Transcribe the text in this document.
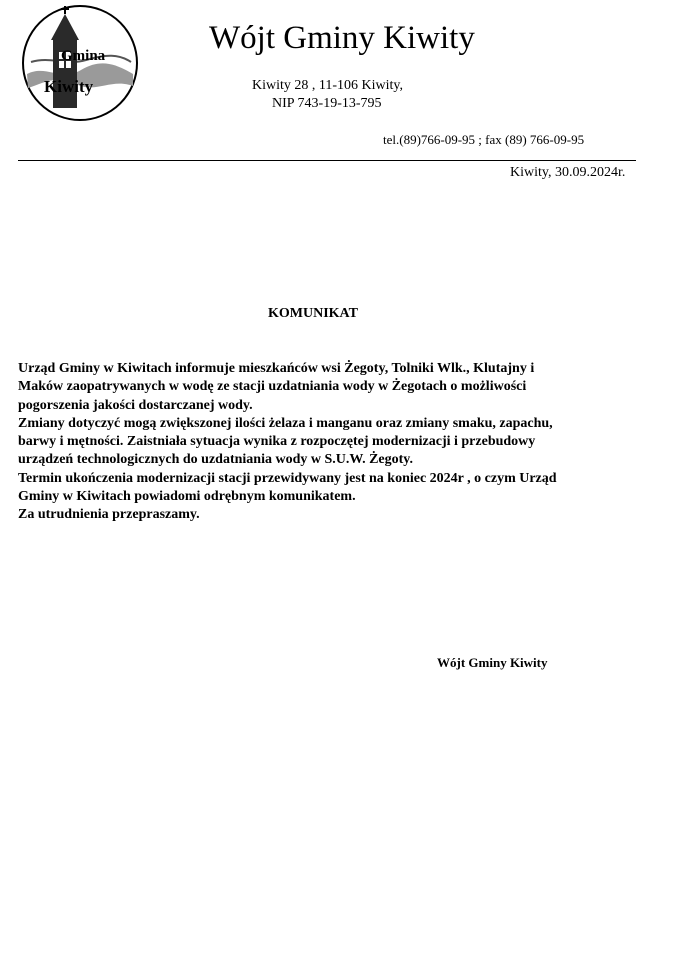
Gmina
Kiwity
Wójt Gminy Kiwity
Kiwity 28 , 11-106 Kiwity,
NIP 743-19-13-795
tel.(89)766-09-95 ; fax (89) 766-09-95
Kiwity, 30.09.2024r.
KOMUNIKAT
Urząd Gminy w Kiwitach informuje mieszkańców wsi Żegoty, Tolniki Wlk., Klutajny i
Maków zaopatrywanych w wodę ze stacji uzdatniania wody w Żegotach o możliwości
pogorszenia jakości dostarczanej wody.
Zmiany dotyczyć mogą zwiększonej ilości żelaza i manganu oraz zmiany smaku, zapachu,
barwy i mętności. Zaistniała sytuacja wynika z rozpoczętej modernizacji i przebudowy
urządzeń technologicznych do uzdatniania wody w S.U.W. Żegoty.
Termin ukończenia modernizacji stacji przewidywany jest na koniec 2024r , o czym Urząd
Gminy w Kiwitach powiadomi odrębnym komunikatem.
Za utrudnienia przepraszamy.
Wójt Gminy Kiwity
